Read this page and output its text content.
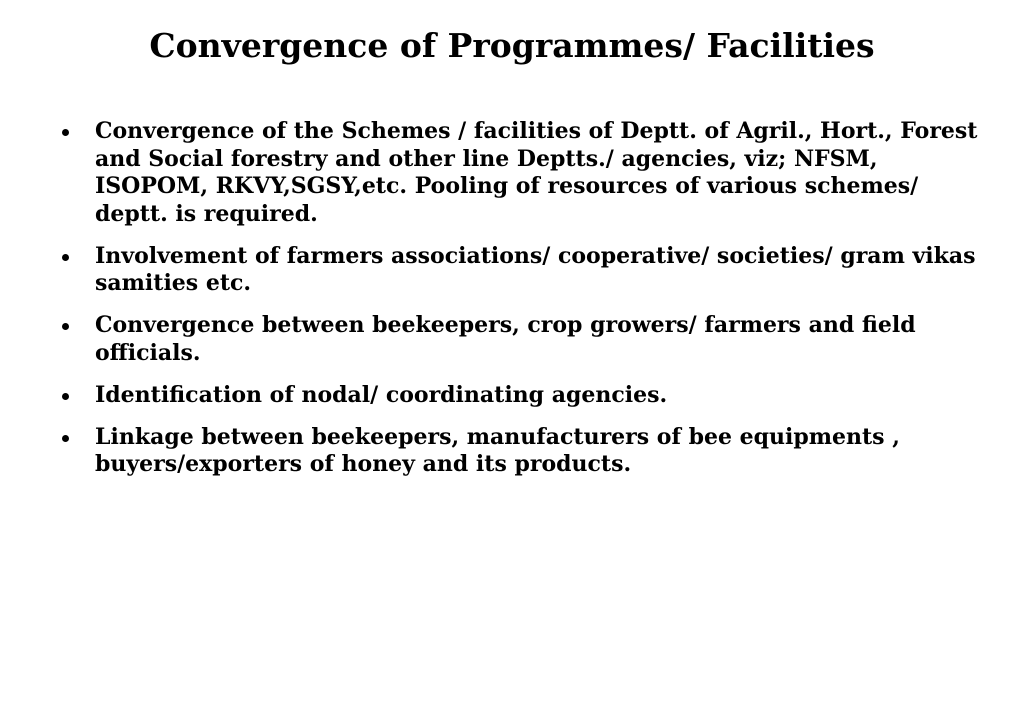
Convergence of Programmes/ Facilities
Convergence of the Schemes / facilities of Deptt. of Agril., Hort., Forest and Social forestry and other line Deptts./ agencies, viz; NFSM, ISOPOM, RKVY,SGSY,etc. Pooling of resources of various schemes/ deptt. is required.
Involvement of farmers associations/ cooperative/ societies/ gram vikas samities etc.
Convergence between beekeepers, crop growers/ farmers and field officials.
Identification of nodal/ coordinating agencies.
Linkage between beekeepers, manufacturers of bee equipments , buyers/exporters of honey and its products.
